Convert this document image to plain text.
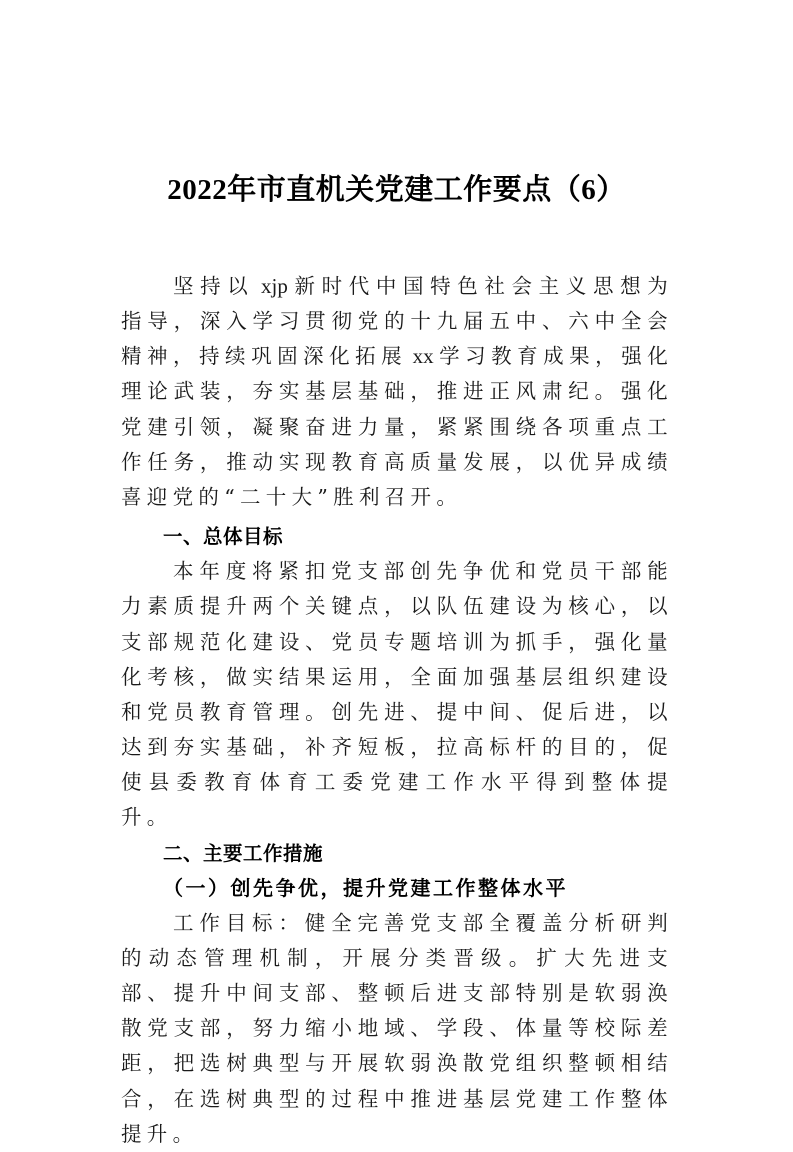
2022年市直机关党建工作要点（6）

坚持以 xjp 新时代中国特色社会主义思想为指导，深入学习贯彻党的十九届五中、六中全会精神，持续巩固深化拓展 xx 学习教育成果，强化理论武装，夯实基层基础，推进正风肃纪。强化党建引领，凝聚奋进力量，紧紧围绕各项重点工作任务，推动实现教育高质量发展，以优异成绩喜迎党的“二十大”胜利召开。

一、总体目标

本年度将紧扣党支部创先争优和党员干部能力素质提升两个关键点，以队伍建设为核心，以支部规范化建设、党员专题培训为抓手，强化量化考核，做实结果运用，全面加强基层组织建设和党员教育管理。创先进、提中间、促后进，以达到夯实基础，补齐短板，拉高标杆的目的，促使县委教育体育工委党建工作水平得到整体提升。

二、主要工作措施
（一）创先争优，提升党建工作整体水平

工作目标：健全完善党支部全覆盖分析研判的动态管理机制，开展分类晋级。扩大先进支部、提升中间支部、整顿后进支部特别是软弱涣散党支部，努力缩小地域、学段、体量等校际差距，把选树典型与开展软弱涣散党组织整顿相结合，在选树典型的过程中推进基层党建工作整体提升。
